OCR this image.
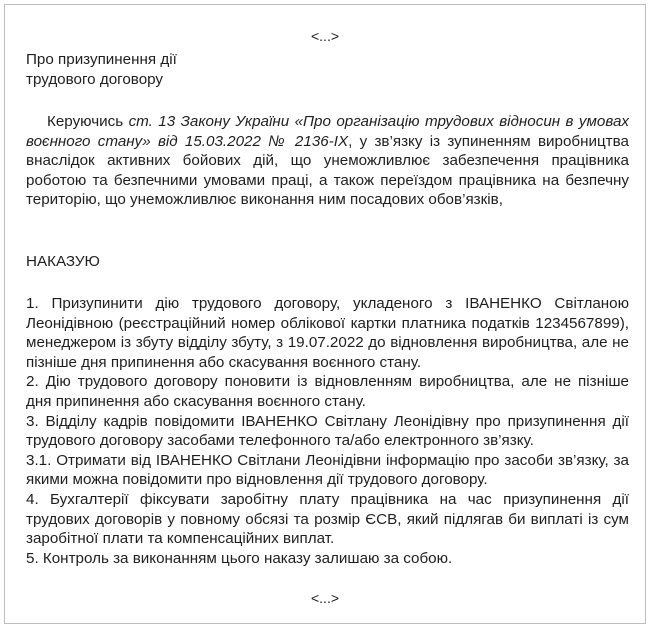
<...>
Про призупинення дії
трудового договору
Керуючись ст. 13 Закону України «Про організацію трудових відносин в умовах воєнного стану» від 15.03.2022 № 2136-IX, у зв’язку із зупиненням виробництва внаслідок активних бойових дій, що унеможливлює забезпечення працівника роботою та безпечними умовами праці, а також переїздом працівника на безпечну територію, що унеможливлює виконання ним посадових обов’язків,
НАКАЗУЮ

1. Призупинити дію трудового договору, укладеного з ІВАНЕНКО Світланою Леонідівною (реєстраційний номер облікової картки платника податків 1234567899), менеджером із збуту відділу збуту, з 19.07.2022 до відновлення виробництва, але не пізніше дня припинення або скасування воєнного стану.

2. Дію трудового договору поновити із відновленням виробництва, але не пізніше дня припинення або скасування воєнного стану.

3. Відділу кадрів повідомити ІВАНЕНКО Світлану Леонідівну про призупинення дії трудового договору засобами телефонного та/або електронного зв’язку.

3.1. Отримати від ІВАНЕНКО Світлани Леонідівни інформацію про засоби зв’язку, за якими можна повідомити про відновлення дії трудового договору.

4. Бухгалтерії фіксувати заробітну плату працівника на час призупинення дії трудових договорів у повному обсязі та розмір ЄСВ, який підлягав би виплаті із сум заробітної плати та компенсаційних виплат.

5. Контроль за виконанням цього наказу залишаю за собою.

<...>
